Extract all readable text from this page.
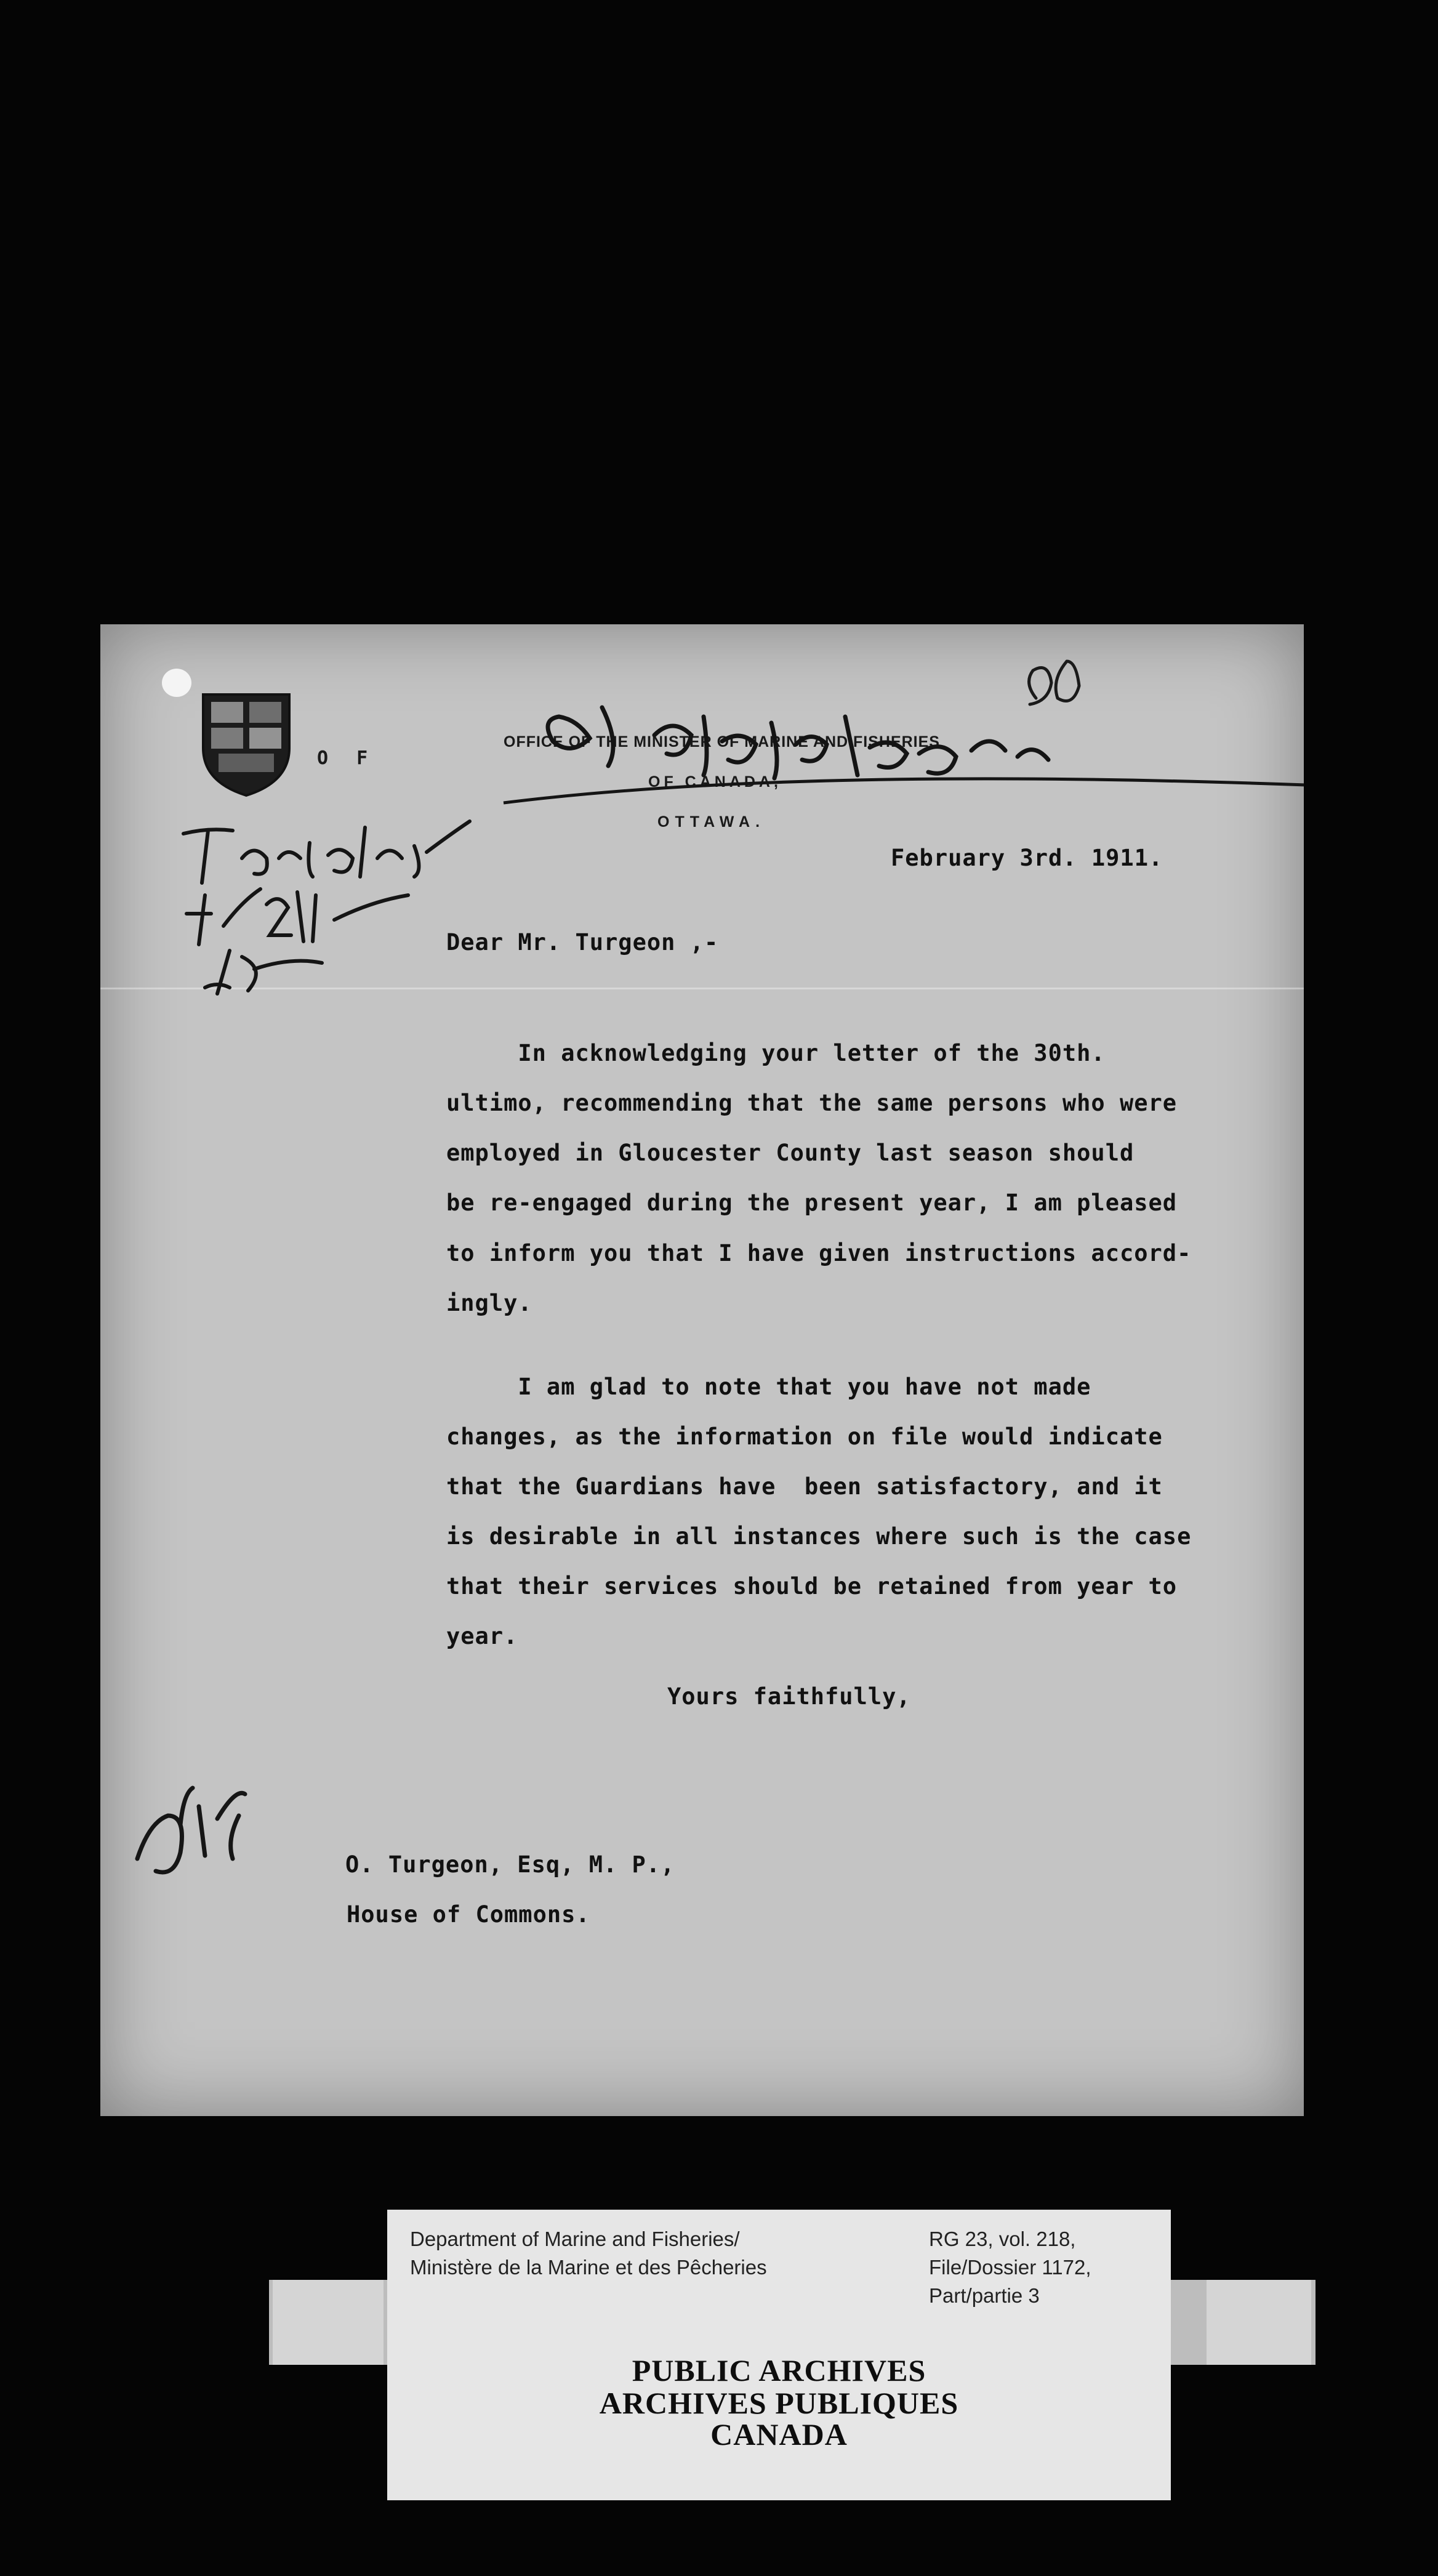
O F
OFFICE OF THE MINISTER OF MARINE AND FISHERIES
OF CANADA,
OTTAWA.
February 3rd. 1911.
Dear Mr. Turgeon ,-
In acknowledging your letter of the 30th.
ultimo, recommending that the same persons who were
employed in Gloucester County last season should
be re-engaged during the present year, I am pleased
to inform you that I have given instructions accord-
ingly.
I am glad to note that you have not made
changes, as the information on file would indicate
that the Guardians have  been satisfactory, and it
is desirable in all instances where such is the case
that their services should be retained from year to
year.
Yours faithfully,
O. Turgeon, Esq, M. P.,
House of Commons.
Department of Marine and Fisheries/
Ministère de la Marine et des Pêcheries
RG 23, vol. 218,
File/Dossier 1172,
Part/partie 3
PUBLIC ARCHIVES
ARCHIVES PUBLIQUES
CANADA
